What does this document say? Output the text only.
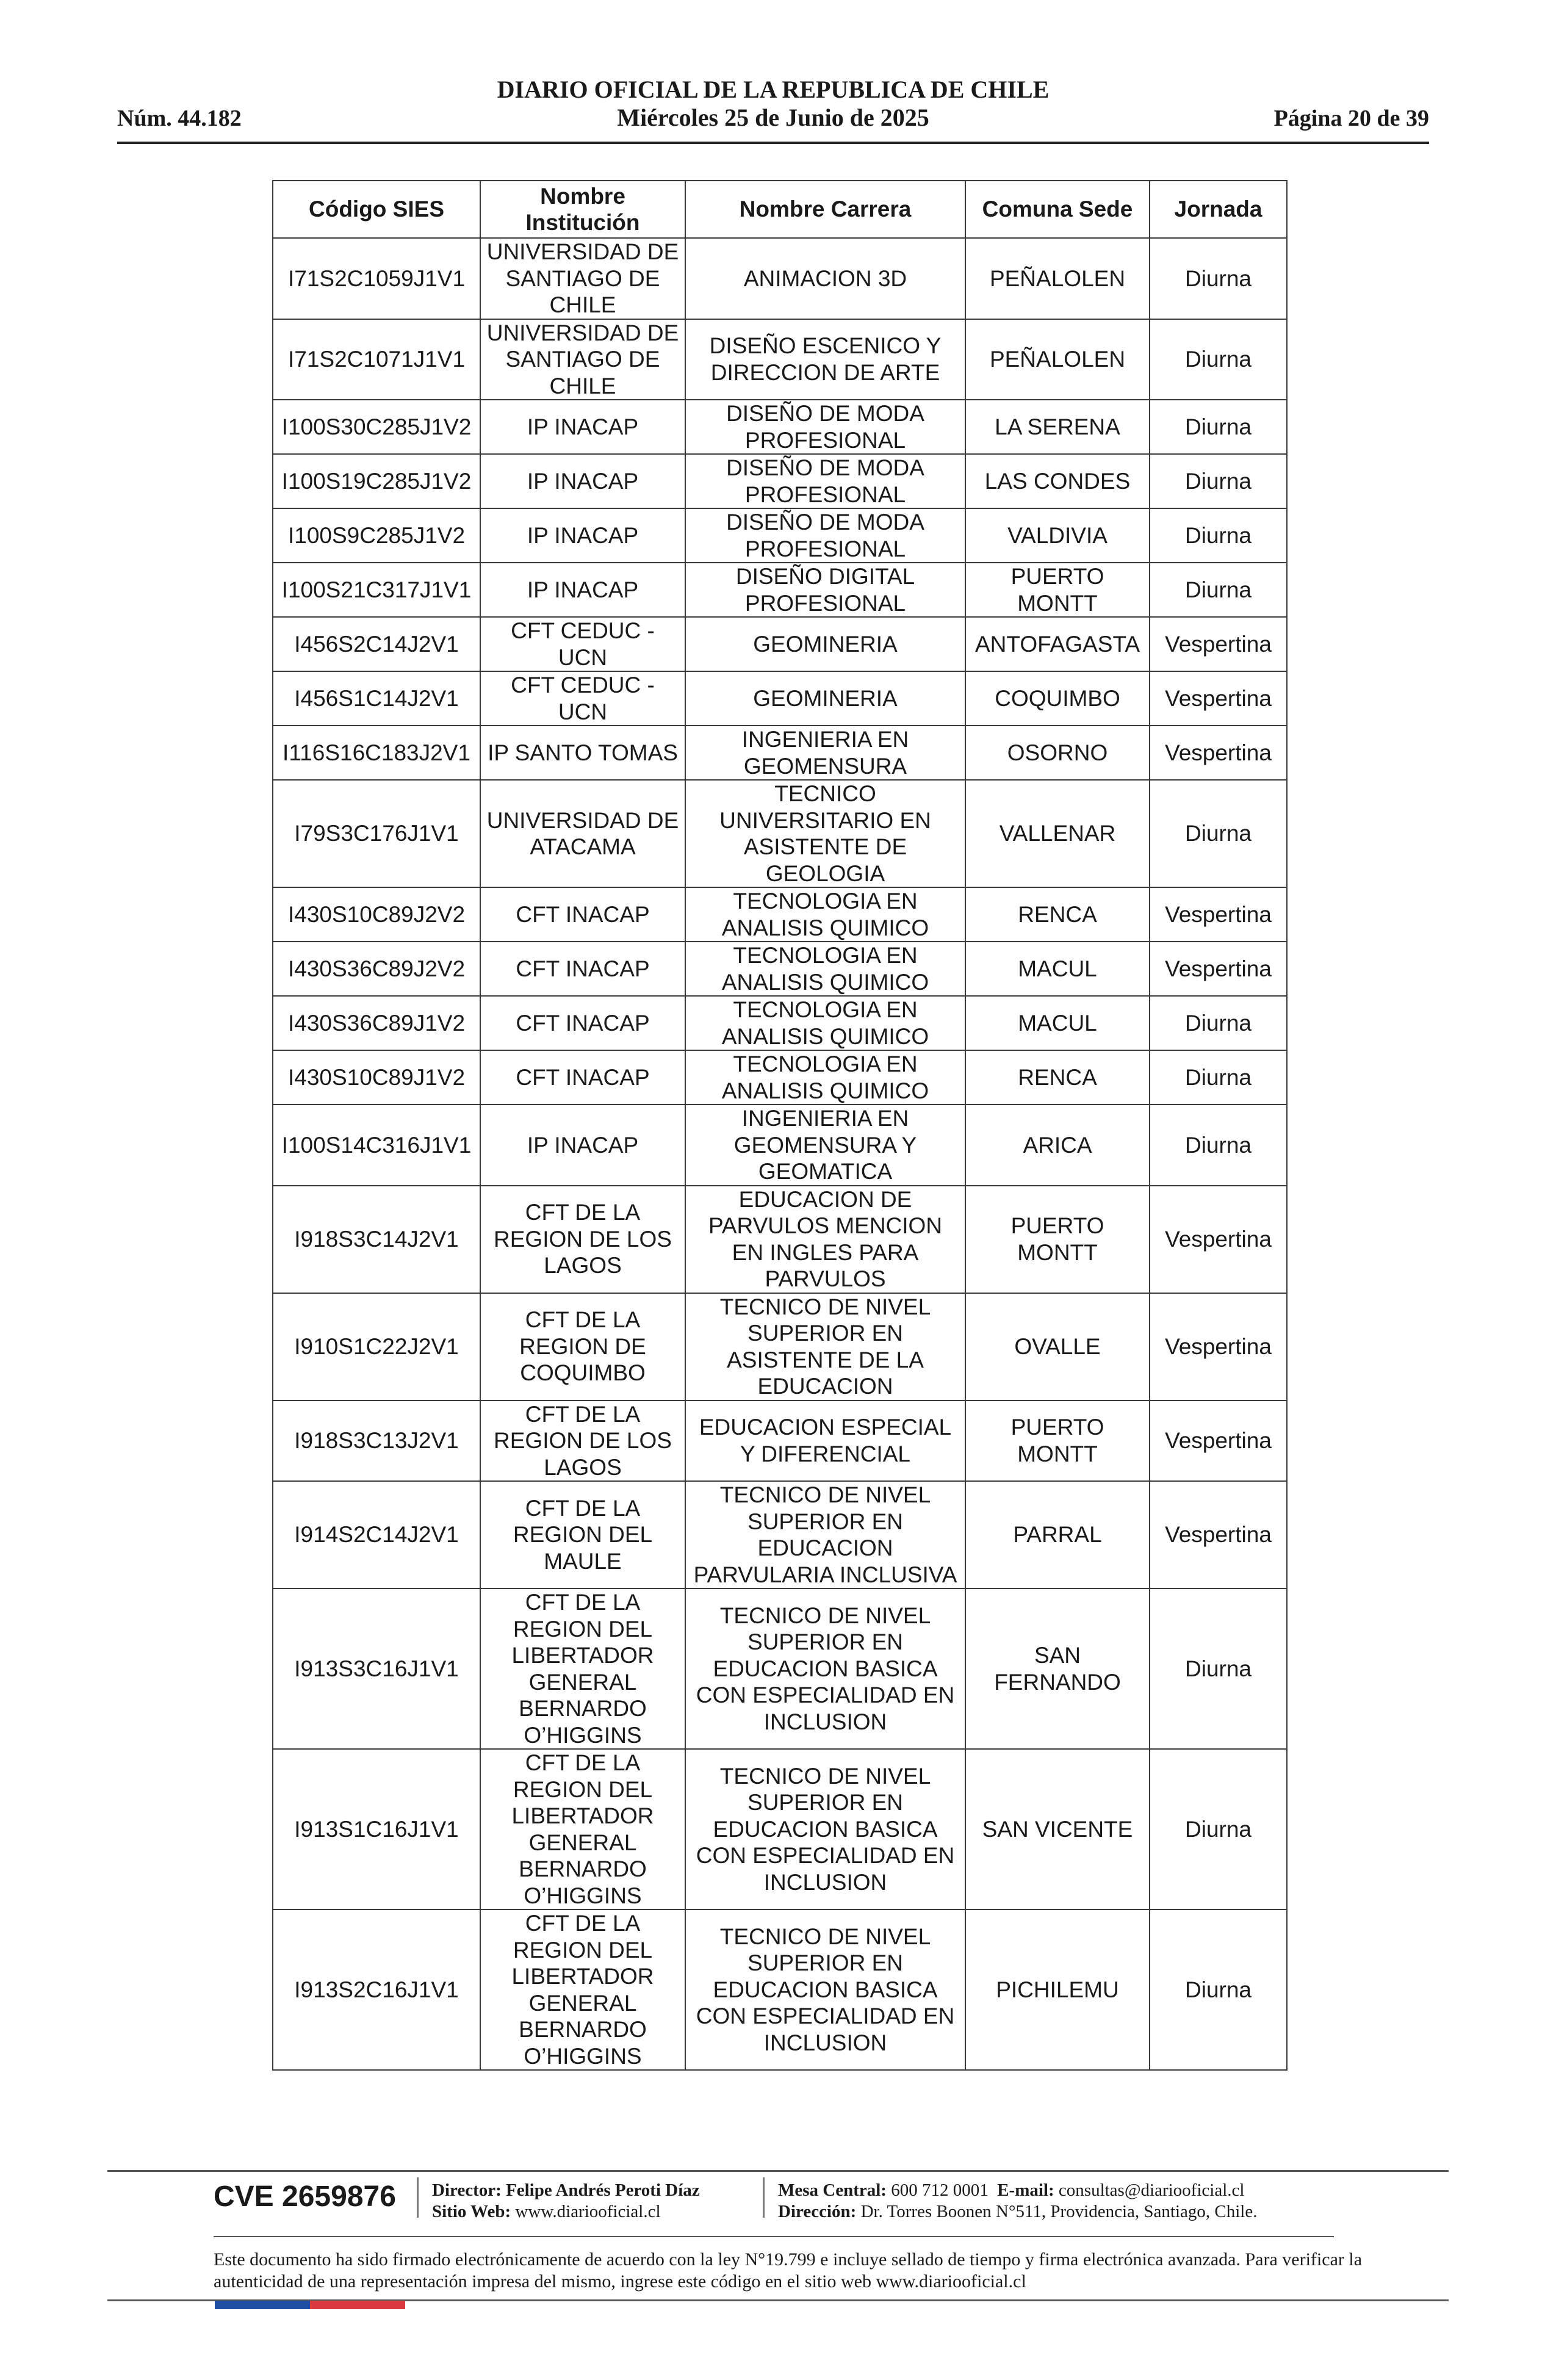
Núm. 44.182
DIARIO OFICIAL DE LA REPUBLICA DE CHILE
Miércoles 25 de Junio de 2025	Página 20 de 39
Código SIES	Nombre Institución	Nombre Carrera	Comuna Sede	Jornada
I71S2C1059J1V1	UNIVERSIDAD DE SANTIAGO DE CHILE	ANIMACION 3D	PEÑALOLEN	Diurna
I71S2C1071J1V1	UNIVERSIDAD DE SANTIAGO DE CHILE	DISEÑO ESCENICO Y DIRECCION DE ARTE	PEÑALOLEN	Diurna
I100S30C285J1V2	IP INACAP	DISEÑO DE MODA PROFESIONAL	LA SERENA	Diurna
I100S19C285J1V2	IP INACAP	DISEÑO DE MODA PROFESIONAL	LAS CONDES	Diurna
I100S9C285J1V2	IP INACAP	DISEÑO DE MODA PROFESIONAL	VALDIVIA	Diurna
I100S21C317J1V1	IP INACAP	DISEÑO DIGITAL PROFESIONAL	PUERTO MONTT	Diurna
I456S2C14J2V1	CFT CEDUC - UCN	GEOMINERIA	ANTOFAGASTA	Vespertina
I456S1C14J2V1	CFT CEDUC - UCN	GEOMINERIA	COQUIMBO	Vespertina
I116S16C183J2V1	IP SANTO TOMAS	INGENIERIA EN GEOMENSURA	OSORNO	Vespertina
I79S3C176J1V1	UNIVERSIDAD DE ATACAMA	TECNICO UNIVERSITARIO EN ASISTENTE DE GEOLOGIA	VALLENAR	Diurna
I430S10C89J2V2	CFT INACAP	TECNOLOGIA EN ANALISIS QUIMICO	RENCA	Vespertina
I430S36C89J2V2	CFT INACAP	TECNOLOGIA EN ANALISIS QUIMICO	MACUL	Vespertina
I430S36C89J1V2	CFT INACAP	TECNOLOGIA EN ANALISIS QUIMICO	MACUL	Diurna
I430S10C89J1V2	CFT INACAP	TECNOLOGIA EN ANALISIS QUIMICO	RENCA	Diurna
I100S14C316J1V1	IP INACAP	INGENIERIA EN GEOMENSURA Y GEOMATICA	ARICA	Diurna
I918S3C14J2V1	CFT DE LA REGION DE LOS LAGOS	EDUCACION DE PARVULOS MENCION EN INGLES PARA PARVULOS	PUERTO MONTT	Vespertina
I910S1C22J2V1	CFT DE LA REGION DE COQUIMBO	TECNICO DE NIVEL SUPERIOR EN ASISTENTE DE LA EDUCACION	OVALLE	Vespertina
I918S3C13J2V1	CFT DE LA REGION DE LOS LAGOS	EDUCACION ESPECIAL Y DIFERENCIAL	PUERTO MONTT	Vespertina
I914S2C14J2V1	CFT DE LA REGION DEL MAULE	TECNICO DE NIVEL SUPERIOR EN EDUCACION PARVULARIA INCLUSIVA	PARRAL	Vespertina
I913S3C16J1V1	CFT DE LA REGION DEL LIBERTADOR GENERAL BERNARDO O’HIGGINS	TECNICO DE NIVEL SUPERIOR EN EDUCACION BASICA CON ESPECIALIDAD EN INCLUSION	SAN FERNANDO	Diurna
I913S1C16J1V1	CFT DE LA REGION DEL LIBERTADOR GENERAL BERNARDO O’HIGGINS	TECNICO DE NIVEL SUPERIOR EN EDUCACION BASICA CON ESPECIALIDAD EN INCLUSION	SAN VICENTE	Diurna
I913S2C16J1V1	CFT DE LA REGION DEL LIBERTADOR GENERAL BERNARDO O’HIGGINS	TECNICO DE NIVEL SUPERIOR EN EDUCACION BASICA CON ESPECIALIDAD EN INCLUSION	PICHILEMU	Diurna
CVE 2659876 Director: Felipe Andrés Peroti Díaz
Sitio Web: www.diariooficial.cl
Mesa Central: 600 712 0001 E-mail: consultas@diariooficial.cl
Dirección: Dr. Torres Boonen N°511, Providencia, Santiago, Chile.
Este documento ha sido firmado electrónicamente de acuerdo con la ley N°19.799 e incluye sellado de tiempo y firma electrónica avanzada. Para verificar la autenticidad de una representación impresa del mismo, ingrese este código en el sitio web www.diariooficial.cl
